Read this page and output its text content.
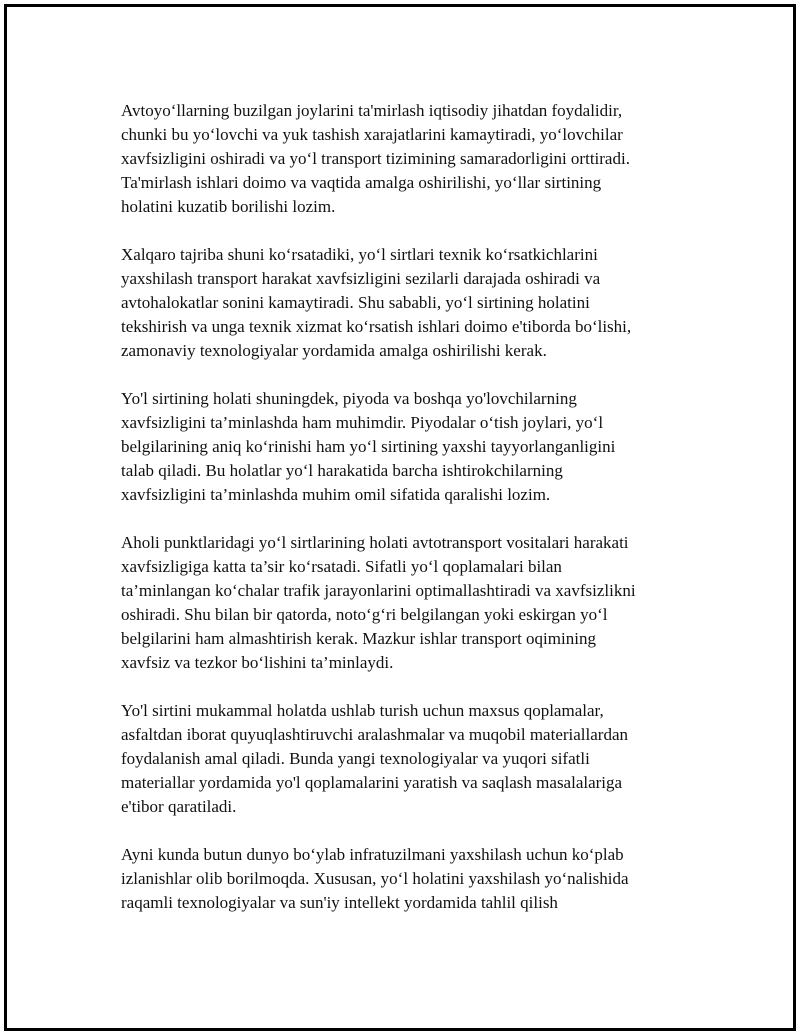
Avtoyo‘llarning buzilgan joylarini ta'mirlash iqtisodiy jihatdan foydalidir,
chunki bu yo‘lovchi va yuk tashish xarajatlarini kamaytiradi, yo‘lovchilar
xavfsizligini oshiradi va yo‘l transport tizimining samaradorligini orttiradi.
Ta'mirlash ishlari doimo va vaqtida amalga oshirilishi, yo‘llar sirtining
holatini kuzatib borilishi lozim.

Xalqaro tajriba shuni ko‘rsatadiki, yo‘l sirtlari texnik ko‘rsatkichlarini
yaxshilash transport harakat xavfsizligini sezilarli darajada oshiradi va
avtohalokatlar sonini kamaytiradi. Shu sababli, yo‘l sirtining holatini
tekshirish va unga texnik xizmat ko‘rsatish ishlari doimo e'tiborda bo‘lishi,
zamonaviy texnologiyalar yordamida amalga oshirilishi kerak.

Yo'l sirtining holati shuningdek, piyoda va boshqa yo'lovchilarning
xavfsizligini ta’minlashda ham muhimdir. Piyodalar o‘tish joylari, yo‘l
belgilarining aniq ko‘rinishi ham yo‘l sirtining yaxshi tayyorlanganligini
talab qiladi. Bu holatlar yo‘l harakatida barcha ishtirokchilarning
xavfsizligini ta’minlashda muhim omil sifatida qaralishi lozim.

Aholi punktlaridagi yo‘l sirtlarining holati avtotransport vositalari harakati
xavfsizligiga katta ta’sir ko‘rsatadi. Sifatli yo‘l qoplamalari bilan
ta’minlangan ko‘chalar trafik jarayonlarini optimallashtiradi va xavfsizlikni
oshiradi. Shu bilan bir qatorda, noto‘g‘ri belgilangan yoki eskirgan yo‘l
belgilarini ham almashtirish kerak. Mazkur ishlar transport oqimining
xavfsiz va tezkor bo‘lishini ta’minlaydi.

Yo'l sirtini mukammal holatda ushlab turish uchun maxsus qoplamalar,
asfaltdan iborat quyuqlashtiruvchi aralashmalar va muqobil materiallardan
foydalanish amal qiladi. Bunda yangi texnologiyalar va yuqori sifatli
materiallar yordamida yo'l qoplamalarini yaratish va saqlash masalalariga
e'tibor qaratiladi.

Ayni kunda butun dunyo bo‘ylab infratuzilmani yaxshilash uchun ko‘plab
izlanishlar olib borilmoqda. Xususan, yo‘l holatini yaxshilash yo‘nalishida
raqamli texnologiyalar va sun'iy intellekt yordamida tahlil qilish
